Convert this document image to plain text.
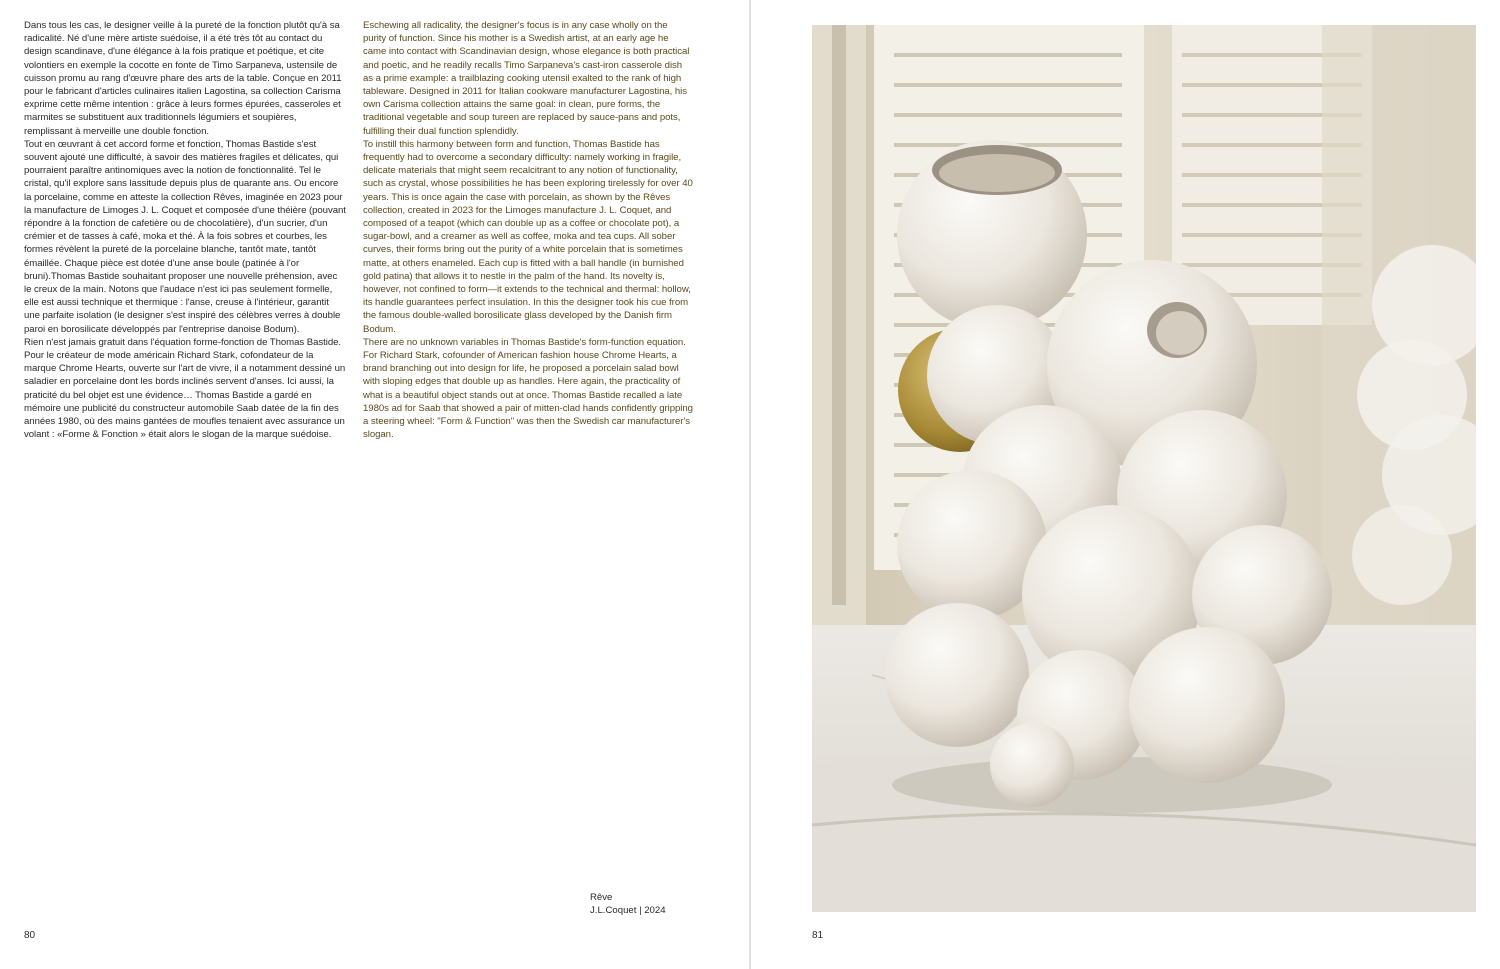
Dans tous les cas, le designer veille à la pureté de la fonction plutôt qu'à sa radicalité. Né d'une mère artiste suédoise, il a été très tôt au contact du design scandinave, d'une élégance à la fois pratique et poétique, et cite volontiers en exemple la cocotte en fonte de Timo Sarpaneva, ustensile de cuisson promu au rang d'œuvre phare des arts de la table. Conçue en 2011 pour le fabricant d'articles culinaires italien Lagostina, sa collection Carisma exprime cette même intention : grâce à leurs formes épurées, casseroles et marmites se substituent aux traditionnels légumiers et soupières, remplissant à merveille une double fonction.

Tout en œuvrant à cet accord forme et fonction, Thomas Bastide s'est souvent ajouté une difficulté, à savoir des matières fragiles et délicates, qui pourraient paraître antinomiques avec la notion de fonctionnalité. Tel le cristal, qu'il explore sans lassitude depuis plus de quarante ans. Ou encore la porcelaine, comme en atteste la collection Rêves, imaginée en 2023 pour la manufacture de Limoges J. L. Coquet et composée d'une théière (pouvant répondre à la fonction de cafetière ou de chocolatière), d'un sucrier, d'un crémier et de tasses à café, moka et thé. À la fois sobres et courbes, les formes révèlent la pureté de la porcelaine blanche, tantôt mate, tantôt émaillée. Chaque pièce est dotée d'une anse boule (patinée à l'or bruni).Thomas Bastide souhaitant proposer une nouvelle préhension, avec le creux de la main. Notons que l'audace n'est ici pas seulement formelle, elle est aussi technique et thermique : l'anse, creuse à l'intérieur, garantit une parfaite isolation (le designer s'est inspiré des célèbres verres à double paroi en borosilicate développés par l'entreprise danoise Bodum).

Rien n'est jamais gratuit dans l'équation forme-fonction de Thomas Bastide. Pour le créateur de mode américain Richard Stark, cofondateur de la marque Chrome Hearts, ouverte sur l'art de vivre, il a notamment dessiné un saladier en porcelaine dont les bords inclinés servent d'anses. Ici aussi, la praticité du bel objet est une évidence… Thomas Bastide a gardé en mémoire une publicité du constructeur automobile Saab datée de la fin des années 1980, où des mains gantées de moufles tenaient avec assurance un volant : «Forme & Fonction » était alors le slogan de la marque suédoise.

Eschewing all radicality, the designer's focus is in any case wholly on the purity of function. Since his mother is a Swedish artist, at an early age he came into contact with Scandinavian design, whose elegance is both practical and poetic, and he readily recalls Timo Sarpaneva's cast-iron casserole dish as a prime example: a trailblazing cooking utensil exalted to the rank of high tableware. Designed in 2011 for Italian cookware manufacturer Lagostina, his own Carisma collection attains the same goal: in clean, pure forms, the traditional vegetable and soup tureen are replaced by sauce-pans and pots, fulfilling their dual function splendidly.

To instill this harmony between form and function, Thomas Bastide has frequently had to overcome a secondary difficulty: namely working in fragile, delicate materials that might seem recalcitrant to any notion of functionality, such as crystal, whose possibilities he has been exploring tirelessly for over 40 years. This is once again the case with porcelain, as shown by the Rêves collection, created in 2023 for the Limoges manufacture J. L. Coquet, and composed of a teapot (which can double up as a coffee or chocolate pot), a sugar-bowl, and a creamer as well as coffee, moka and tea cups. All sober curves, their forms bring out the purity of a white porcelain that is sometimes matte, at others enameled. Each cup is fitted with a ball handle (in burnished gold patina) that allows it to nestle in the palm of the hand. Its novelty is, however, not confined to form—it extends to the technical and thermal: hollow, its handle guarantees perfect insulation. In this the designer took his cue from the famous double-walled borosilicate glass developed by the Danish firm Bodum.

There are no unknown variables in Thomas Bastide's form-function equation. For Richard Stark, cofounder of American fashion house Chrome Hearts, a brand branching out into design for life, he proposed a porcelain salad bowl with sloping edges that double up as handles. Here again, the practicality of what is a beautiful object stands out at once. Thomas Bastide recalled a late 1980s ad for Saab that showed a pair of mitten-clad hands confidently gripping a steering wheel: "Form & Function" was then the Swedish car manufacturer's slogan.

Rêve
J.L.Coquet | 2024
80	81
